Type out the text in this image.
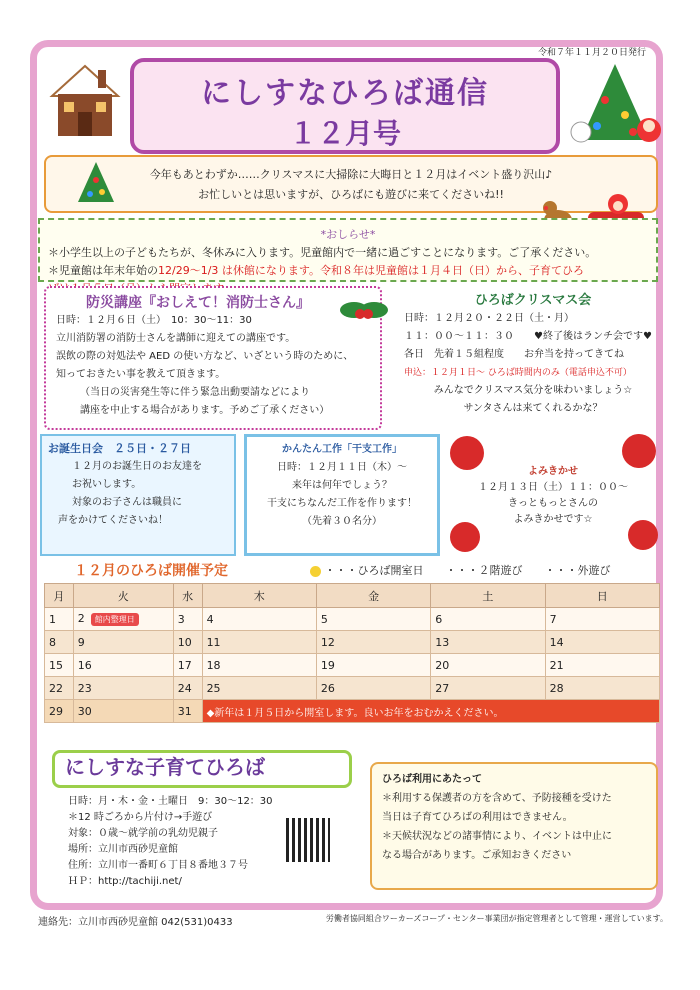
令和７年１１月２０日発行
にしすなひろば通信
１２月号
今年もあとわずか……クリスマスに大掃除に大晦日と１２月はイベント盛り沢山♪
お忙しいとは思いますが、ひろばにも遊びに来てくださいね!!
*おしらせ*
＊小学生以上の子どもたちが、冬休みに入ります。児童館内で一緒に過ごすことになります。ご了承ください。
＊児童館は年末年始の12/29～1/3 は休館になります。令和８年は児童館は１月４日（日）から、子育てひろ
防災講座『おしえて！消防士さん』
日時：１２月６日（土）　10：30～11：30
立川消防署の消防士さんを講師に迎えての講座です。
誤飲の際の対処法や AED の使い方など、いざという時のために、
知っておきたい事を教えて頂きます。
（当日の災害発生等に伴う緊急出動要請などにより
講座を中止する場合があります。予めご了承ください）
ひろばクリスマス会
日時：１２月２０・２２日（土・月）
１１：００～１１：３０　　♥終了後はランチ会です♥
各日　先着１５組程度　　お弁当を持ってきてね
申込：１２月１日～ ひろば時間内のみ（電話申込不可）
みんなでクリスマス気分を味わいましょう☆
サンタさんは来てくれるかな？
お誕生日会　２５日・２７日
１２月のお誕生日のお友達を
お祝いします。
対象のお子さんは職員に
声をかけてくださいね！
かんたん工作「干支工作」
日時：１２月１１日（木）～
来年は何年でしょう？
干支にちなんだ工作を作ります！
（先着３０名分）
よみきかせ
１２月１３日（土）１１：００～
きっともっとさんの
よみきかせです☆
１２月のひろば開催予定	・・・ひろば開室日　　・・・２階遊び　　・・・外遊び
月	火	水	木	金	土	日
1	2 館内整理日	3	4	5	6	7
8	9	10	11	12	13	14
15	16	17	18	19	20	21
22	23	24	25	26	27	28
29	30	31	◆新年は１月５日から開室します。良いお年をおむかえください。			
にしすな子育てひろば
日時：月・木・金・土曜日　9：30～12：30
＊12 時ごろから片付け→手遊び
対象：０歳～就学前の乳幼児親子
場所：立川市西砂児童館
住所：立川市一番町６丁目８番地３７号
ＨＰ：http://tachiji.net/
ひろば利用にあたって
＊利用する保護者の方を含めて、予防接種を受けた
当日は子育てひろばの利用はできません。
＊天候状況などの諸事情により、イベントは中止に
なる場合があります。ご承知おきください
連絡先：立川市西砂児童館 042(531)0433	労働者協同組合ワーカーズコープ・センター事業団が指定管理者として管理・運営しています。
